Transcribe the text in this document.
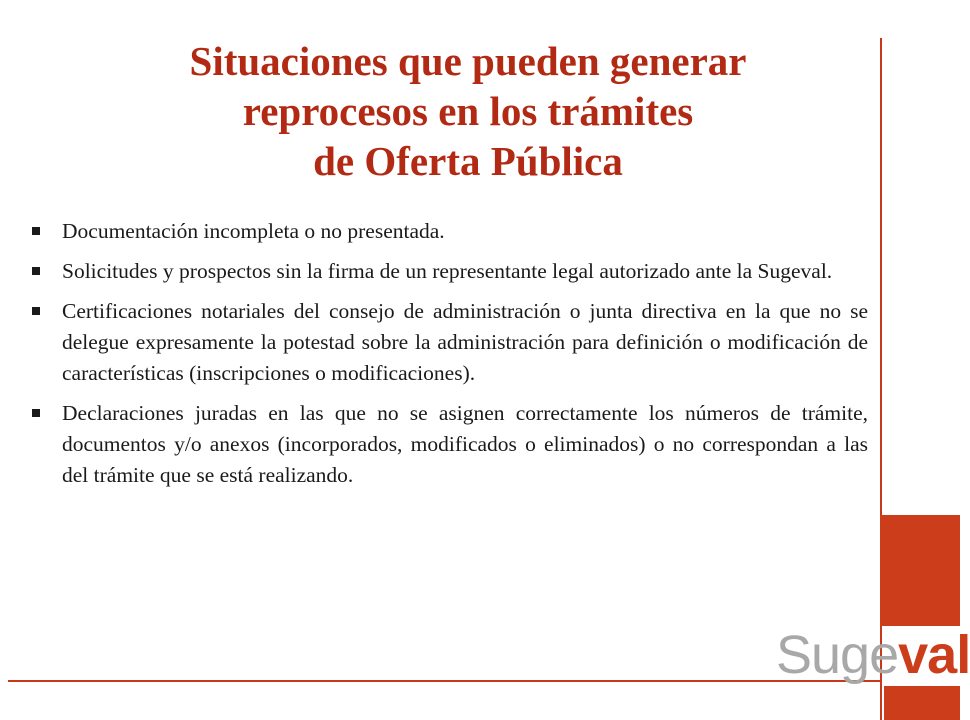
Situaciones que pueden generar
reprocesos en los trámites
de Oferta Pública
Documentación incompleta o no presentada.
Solicitudes y prospectos sin la firma de un representante legal autorizado ante la Sugeval.
Certificaciones notariales del consejo de administración o junta directiva en la que no se delegue expresamente la potestad sobre la administración para definición o modificación de características (inscripciones o modificaciones).
Declaraciones juradas en las que no se asignen correctamente los números de trámite, documentos y/o anexos (incorporados, modificados o eliminados) o no correspondan a las del trámite que se está realizando.
Sugeval
